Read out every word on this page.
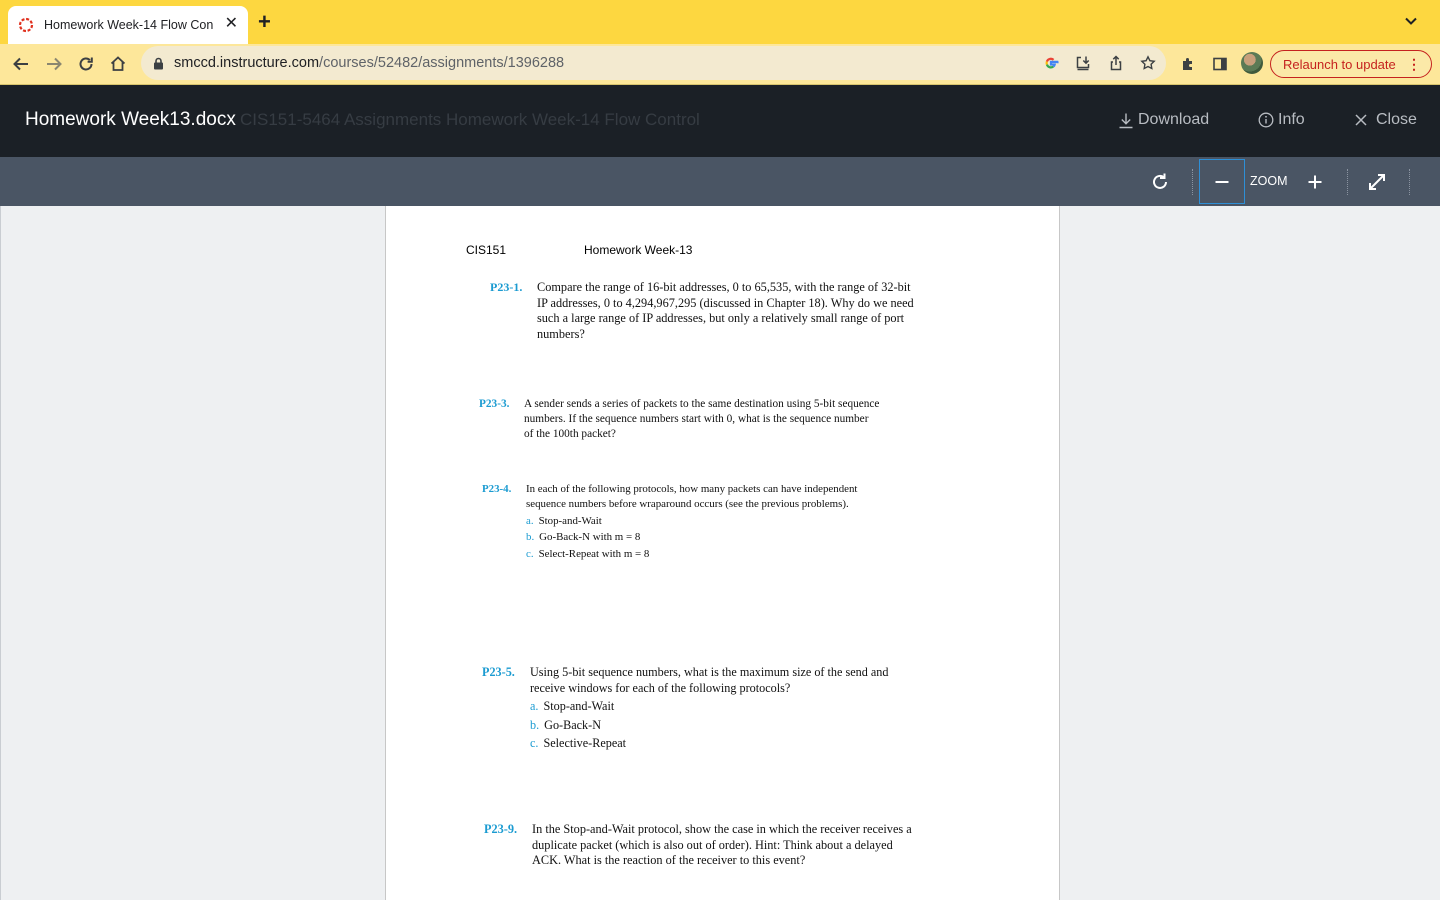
Homework Week-14 Flow Con ✕ +
smccd.instructure.com/courses/52482/assignments/1396288	Relaunch to update ⋮
CIS151-5464 Assignments Homework Week-14 Flow Control
Homework Week13.docx	Download	Info	Close
ZOOM
CIS151	Homework Week-13
P23-1. Compare the range of 16-bit addresses, 0 to 65,535, with the range of 32-bit
IP addresses, 0 to 4,294,967,295 (discussed in Chapter 18). Why do we need
such a large range of IP addresses, but only a relatively small range of port
numbers?
P23-3. A sender sends a series of packets to the same destination using 5-bit sequence
numbers. If the sequence numbers start with 0, what is the sequence number
of the 100th packet?
P23-4. In each of the following protocols, how many packets can have independent
sequence numbers before wraparound occurs (see the previous problems).
a. Stop-and-Wait
b. Go-Back-N with m = 8
c. Select-Repeat with m = 8
P23-5. Using 5-bit sequence numbers, what is the maximum size of the send and
receive windows for each of the following protocols?
a. Stop-and-Wait
b. Go-Back-N
c. Selective-Repeat
P23-9. In the Stop-and-Wait protocol, show the case in which the receiver receives a
duplicate packet (which is also out of order). Hint: Think about a delayed
ACK. What is the reaction of the receiver to this event?
